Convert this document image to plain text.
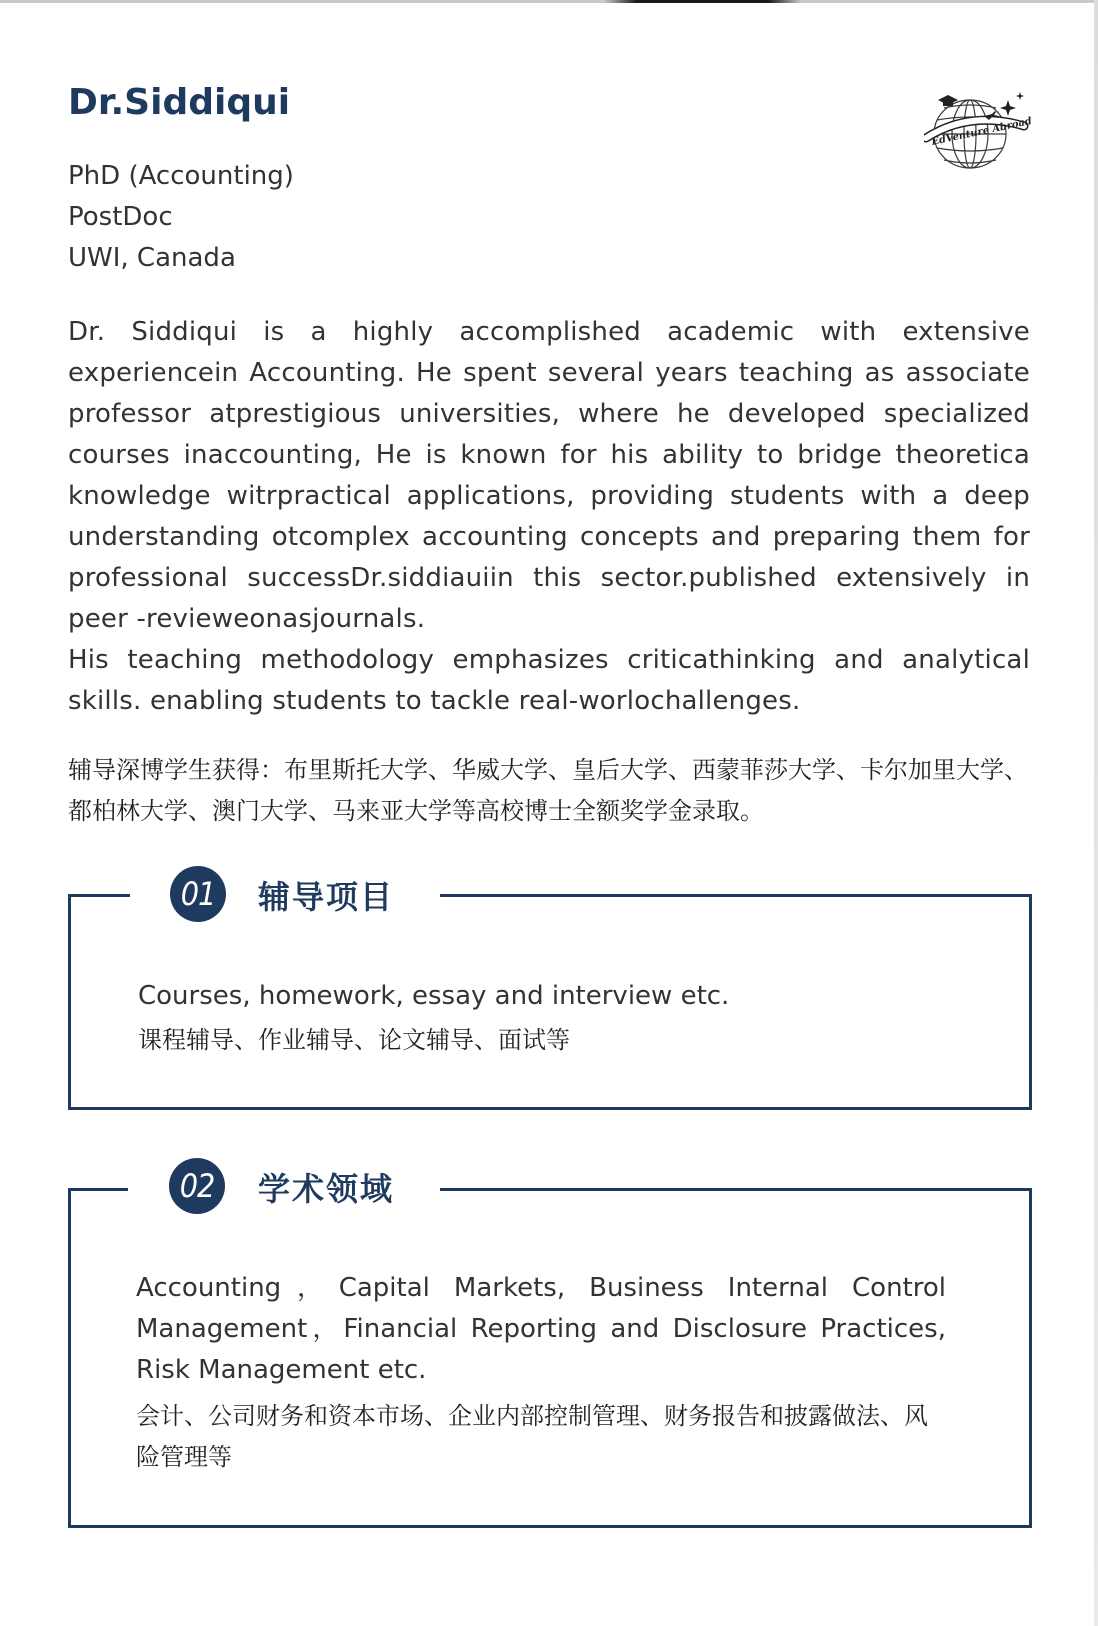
Dr.Siddiqui
PhD (Accounting)
PostDoc
UWI, Canada
EdVenture Abroad

Dr. Siddiqui is a highly accomplished academic with extensive experiencein Accounting. He spent several years teaching as associate professor atprestigious universities, where he developed specialized courses inaccounting, He is known for his ability to bridge theoretica knowledge witrpractical applications, providing students with a deep understanding otcomplex accounting concepts and preparing them for professional successDr.siddiauiin this sector.published extensively in peer -revieweonasjournals.

His teaching methodology emphasizes criticathinking and analytical skills. enabling students to tackle real-worlochallenges.

辅导深博学生获得：布里斯托大学、华威大学、皇后大学、西蒙菲莎大学、卡尔加里大学、都柏林大学、澳门大学、马来亚大学等高校博士全额奖学金录取。
01	辅导项目
Courses, homework, essay and interview etc.
课程辅导、作业辅导、论文辅导、面试等
02	学术领域
Accounting，Capital Markets, Business Internal Control Management，Financial Reporting and Disclosure Practices, Risk Management etc.
会计、公司财务和资本市场、企业内部控制管理、财务报告和披露做法、风险管理等
